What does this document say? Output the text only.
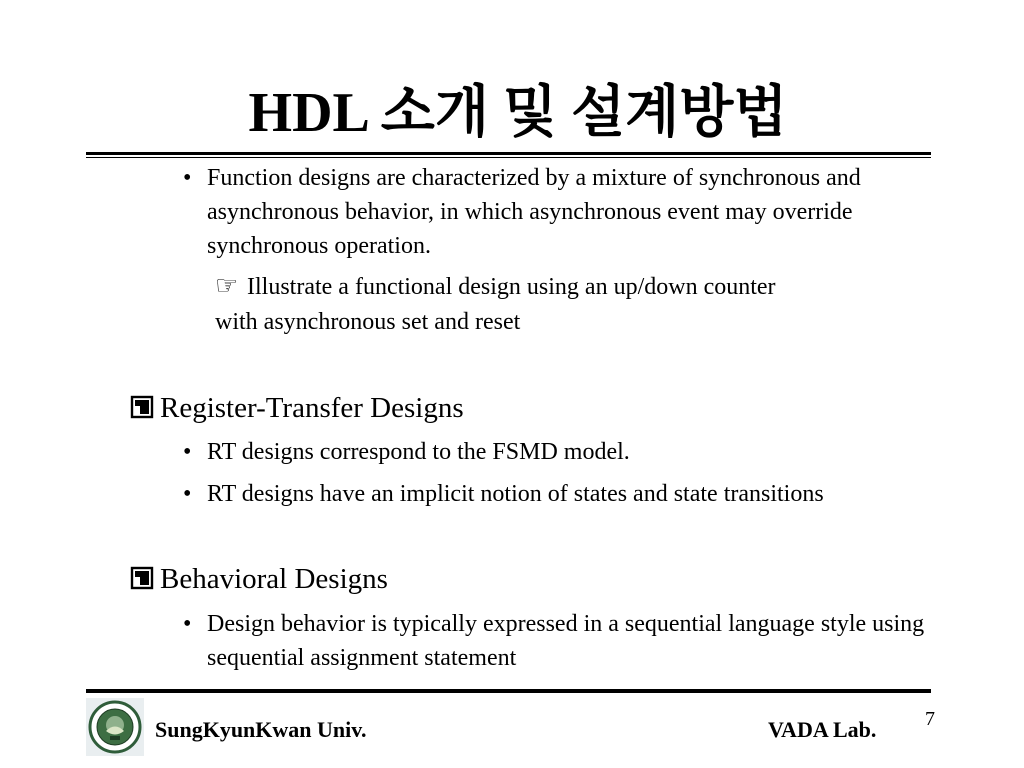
HDL 소개 및 설계방법
• Function designs are characterized by a mixture of synchronous and asynchronous behavior, in which asynchronous event may override synchronous operation.
☞ Illustrate a functional design using an up/down counter with asynchronous set and reset
Register-Transfer Designs
• RT designs correspond to the FSMD model.
• RT designs have an implicit notion of states and state transitions
Behavioral Designs
• Design behavior is typically expressed in a sequential language style using sequential assignment statement
SungKyunKwan Univ.	VADA Lab. 7
